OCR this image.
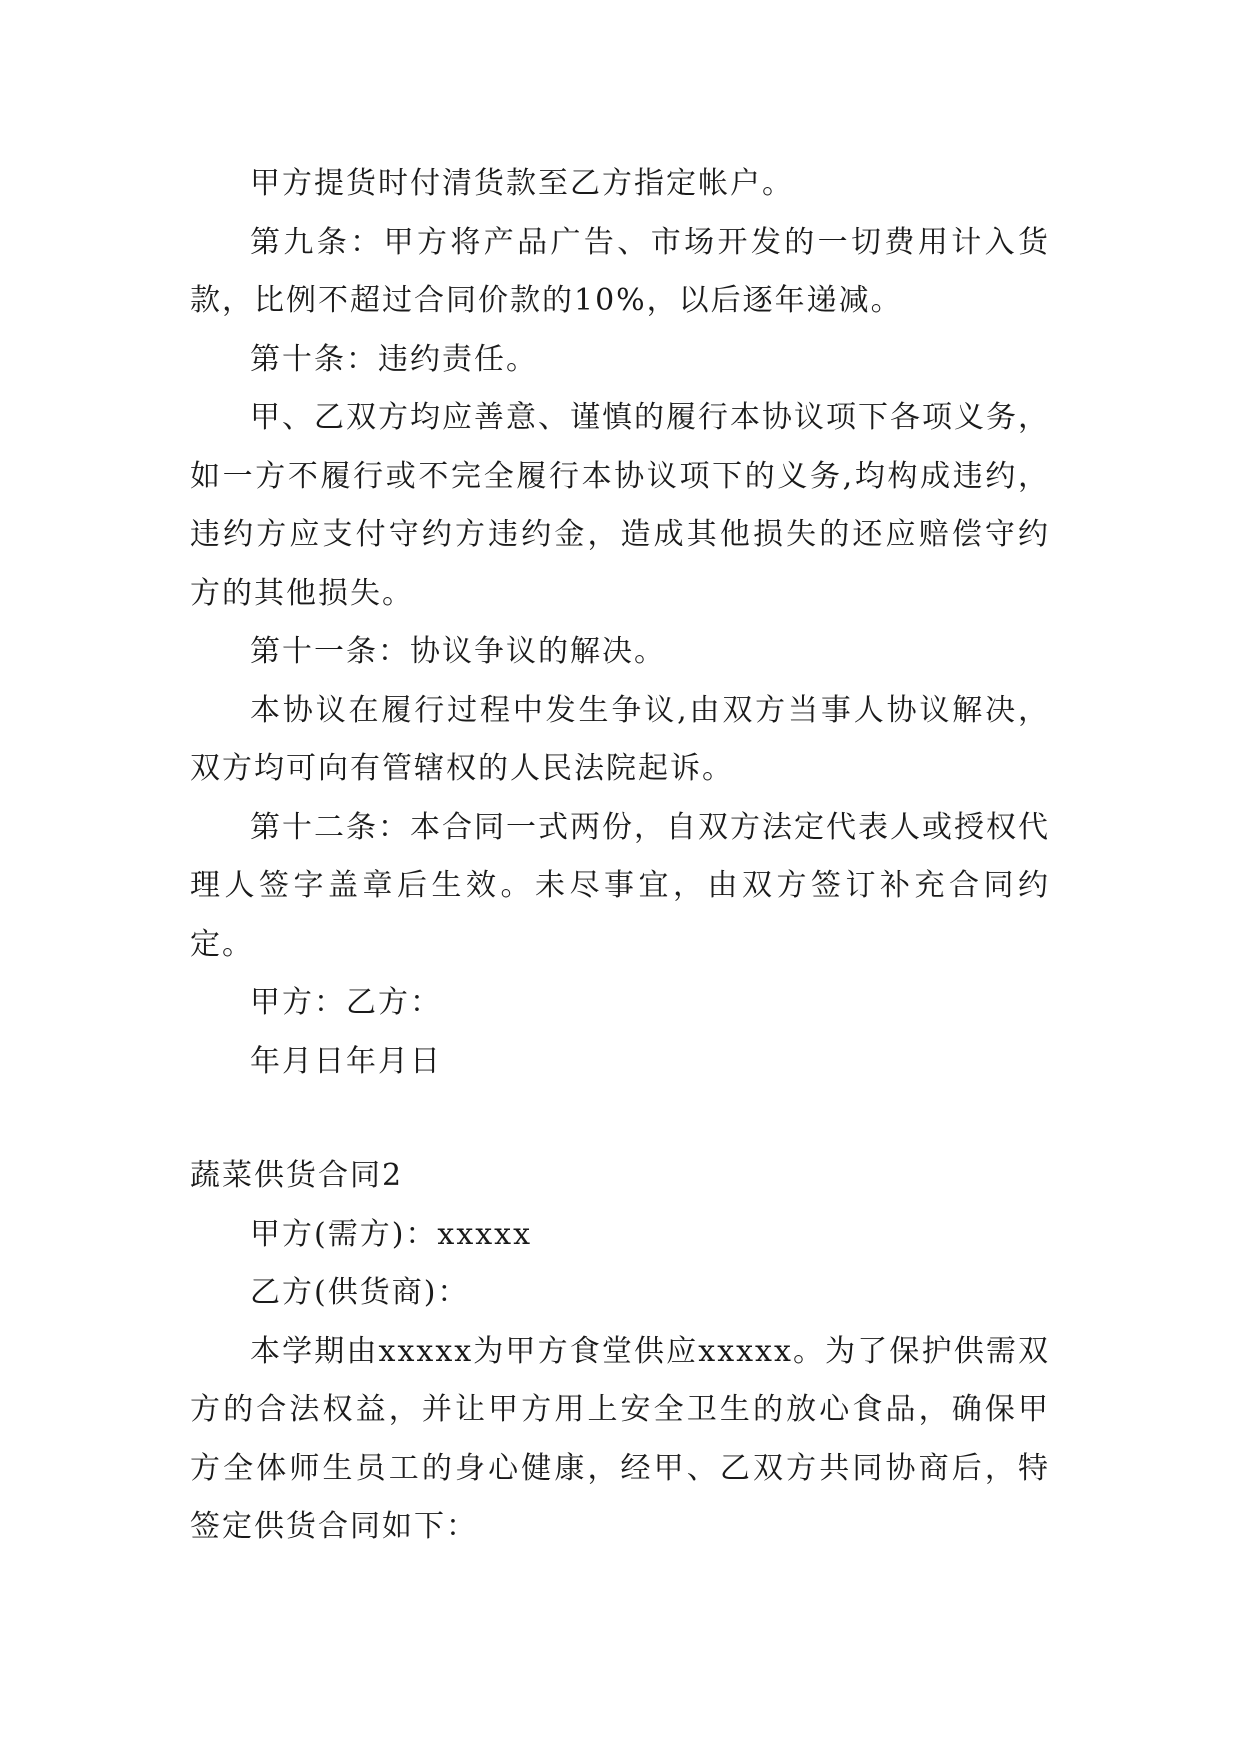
甲方提货时付清货款至乙方指定帐户。

第九条：甲方将产品广告、市场开发的一切费用计入货款，比例不超过合同价款的10%，以后逐年递减。

第十条：违约责任。

甲、乙双方均应善意、谨慎的履行本协议项下各项义务，如一方不履行或不完全履行本协议项下的义务,均构成违约，违约方应支付守约方违约金，造成其他损失的还应赔偿守约方的其他损失。

第十一条：协议争议的解决。

本协议在履行过程中发生争议,由双方当事人协议解决，双方均可向有管辖权的人民法院起诉。

第十二条：本合同一式两份，自双方法定代表人或授权代理人签字盖章后生效。未尽事宜，由双方签订补充合同约定。

甲方：乙方：

年月日年月日

蔬菜供货合同2

甲方(需方)：xxxxx

乙方(供货商)：

本学期由xxxxx为甲方食堂供应xxxxx。为了保护供需双方的合法权益，并让甲方用上安全卫生的放心食品，确保甲方全体师生员工的身心健康，经甲、乙双方共同协商后，特签定供货合同如下：
